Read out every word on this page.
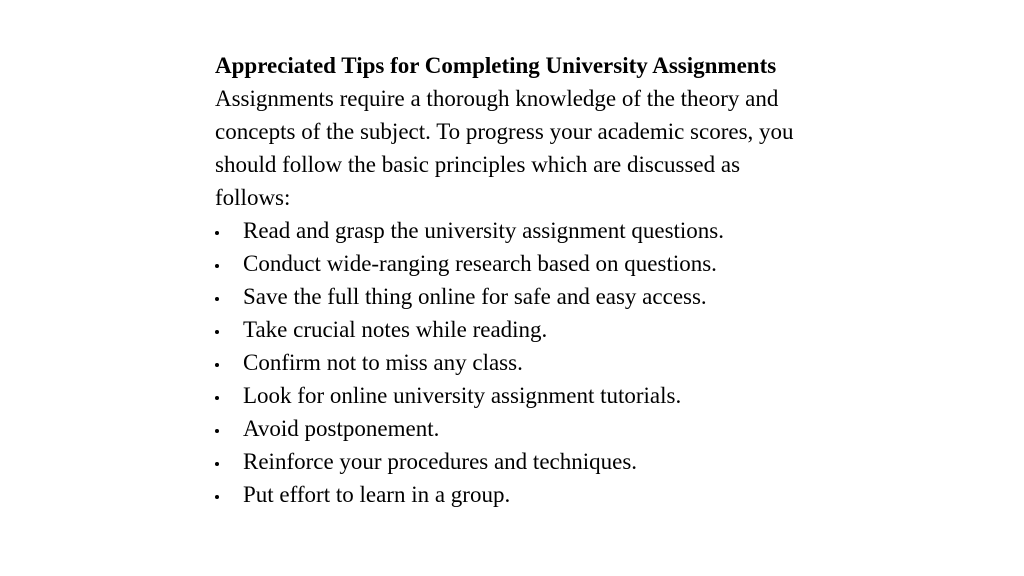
Appreciated Tips for Completing University Assignments

Assignments require a thorough knowledge of the theory and concepts of the subject. To progress your academic scores, you should follow the basic principles which are discussed as follows:

Read and grasp the university assignment questions.
Conduct wide-ranging research based on questions.
Save the full thing online for safe and easy access.
Take crucial notes while reading.
Confirm not to miss any class.
Look for online university assignment tutorials.
Avoid postponement.
Reinforce your procedures and techniques.
Put effort to learn in a group.
